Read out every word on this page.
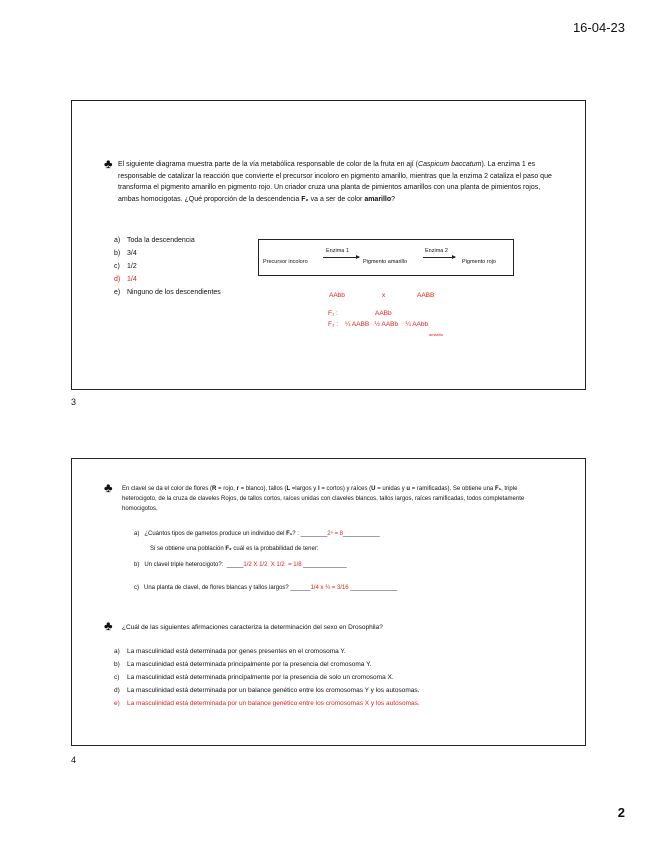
16-04-23
♣ El siguiente diagrama muestra parte de la vía metabólica responsable de color de la fruta en ají (Caspicum baccatum). La enzima 1 es responsable de catalizar la reacción que convierte el precursor incoloro en pigmento amarillo, mientras que la enzima 2 cataliza el paso que transforma el pigmento amarillo en pigmento rojo. Un criador cruza una planta de pimientos amarillos con una planta de pimientos rojos, ambas homocigotas. ¿Qué proporción de la descendencia F₂ va a ser de color amarillo?
a) Toda la descendencia
b) 3/4
c) 1/2
d) 1/4
e) Ninguno de los descendientes
Precursor incoloro
Enzima 1
Pigmento amarillo
Enzima 2
Pigmento rojo
AAbb	x	AABB
F₁ :	AABb
F₂ : ¼ AABB   ½ AABb    ¼ AAbb
amarillo
3
♣ En clavel se da el color de flores (R = rojo, r = blanco), tallos (L =largos y l = cortos) y raíces (U = unidas y u = ramificadas). Se obtiene una F₁, triple heterocigoto, de la cruza de claveles Rojos, de tallos cortos, raíces unidas con claveles blancos, tallos largos, raíces ramificadas, todos completamente homocigotos.
a)   ¿Cuántos tipos de gametos produce un individuo del F₁? : ________2ⁿ = 8___________
Si se obtiene una población F₂ cuál es la probabilidad de tener:
b)   Un clavel triple heterocigoto?:  _____1/2 X 1/2  X 1/2  = 1/8 _____________
c)   Una planta de clavel, de flores blancas y tallos largos? ______1/4 x ¾ = 3/16 ______________
♣ ¿Cuál de las siguientes afirmaciones caracteriza la determinación del sexo en Drosophila?
a) La masculinidad está determinada por genes presentes en el cromosoma Y.
b) La masculinidad está determinada principalmente por la presencia del cromosoma Y.
c) La masculinidad está determinada principalmente por la presencia de solo un cromosoma X.
d) La masculinidad está determinada por un balance genético entre los cromosomas Y y los autosomas.
e) La masculinidad está determinada por un balance genético entre los cromosomas X y los autosomas.
4
2
